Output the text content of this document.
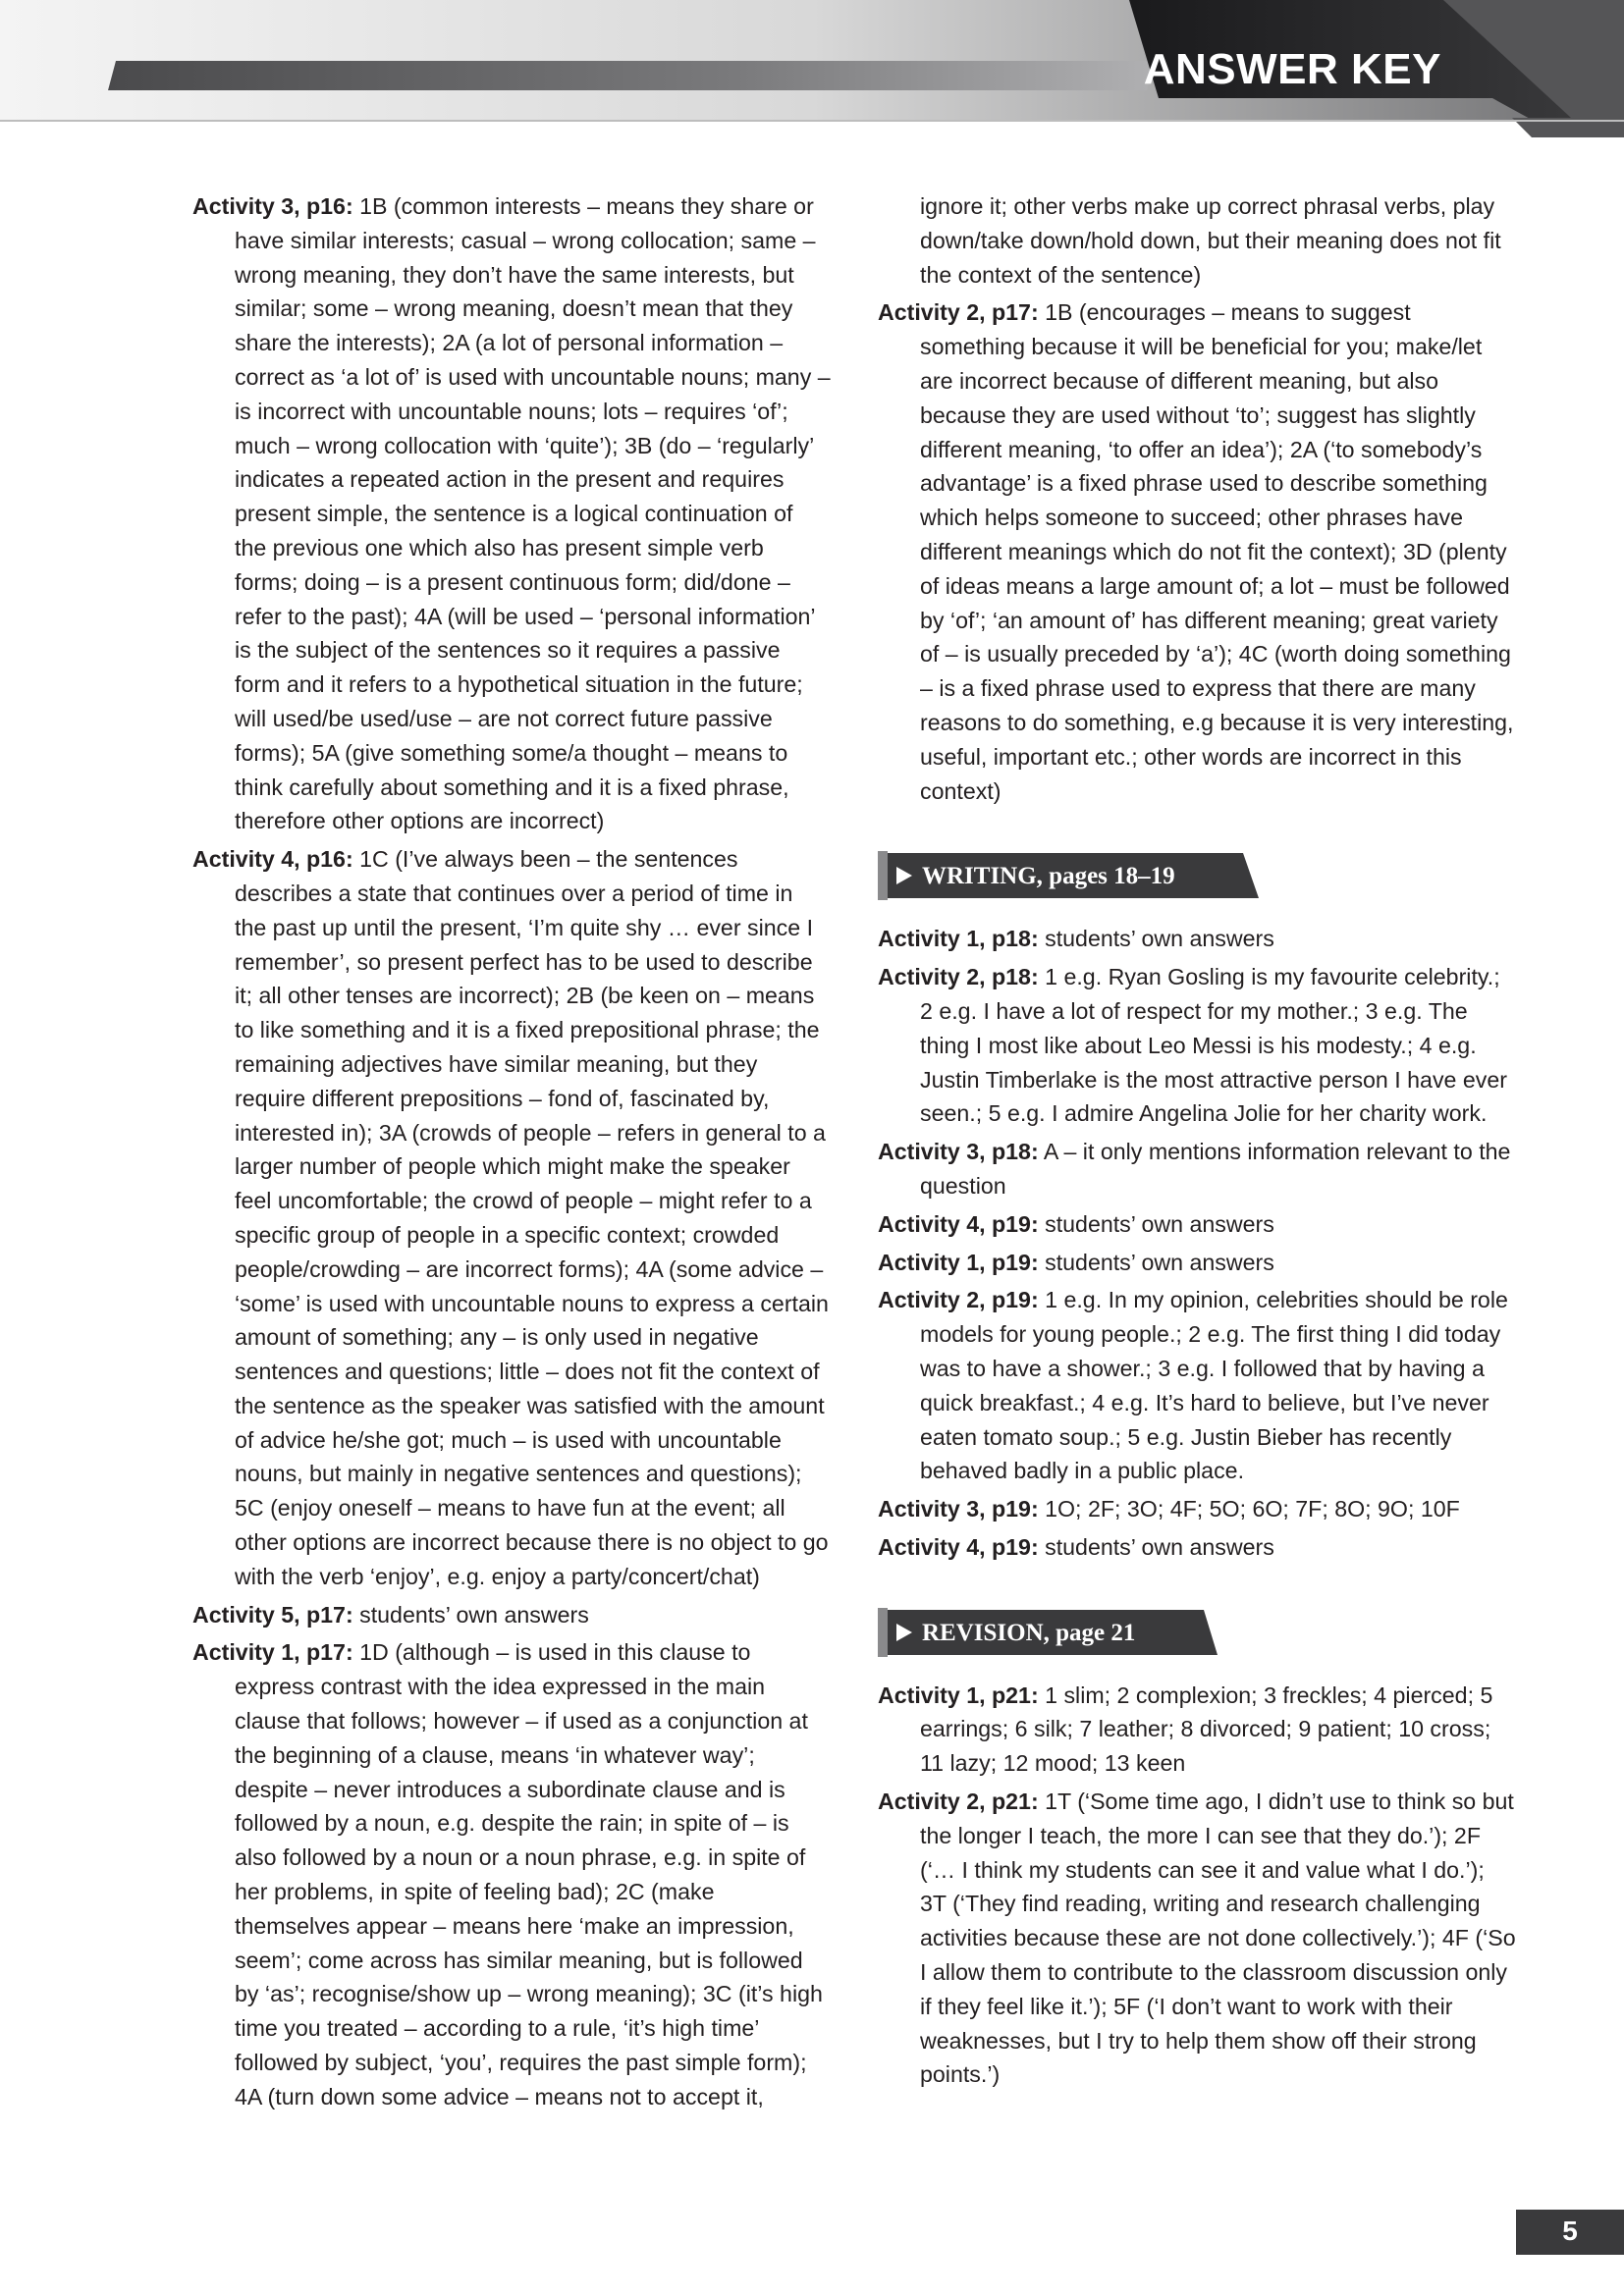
ANSWER KEY

Activity 3, p16: 1B (common interests – means they share or have similar interests; casual – wrong collocation; same – wrong meaning, they don’t have the same interests, but similar; some – wrong meaning, doesn’t mean that they share the interests); 2A (a lot of personal information – correct as ‘a lot of’ is used with uncountable nouns; many – is incorrect with uncountable nouns; lots – requires ‘of’; much – wrong collocation with ‘quite’); 3B (do – ‘regularly’ indicates a repeated action in the present and requires present simple, the sentence is a logical continuation of the previous one which also has present simple verb forms; doing – is a present continuous form; did/done – refer to the past); 4A (will be used – ‘personal information’ is the subject of the sentences so it requires a passive form and it refers to a hypothetical situation in the future; will used/be used/use – are not correct future passive forms); 5A (give something some/a thought – means to think carefully about something and it is a fixed phrase, therefore other options are incorrect)

Activity 4, p16: 1C (I’ve always been – the sentences describes a state that continues over a period of time in the past up until the present, ‘I’m quite shy … ever since I remember’, so present perfect has to be used to describe it; all other tenses are incorrect); 2B (be keen on – means to like something and it is a fixed prepositional phrase; the remaining adjectives have similar meaning, but they require different prepositions – fond of, fascinated by, interested in); 3A (crowds of people – refers in general to a larger number of people which might make the speaker feel uncomfortable; the crowd of people – might refer to a specific group of people in a specific context; crowded people/crowding – are incorrect forms); 4A (some advice – ‘some’ is used with uncountable nouns to express a certain amount of something; any – is only used in negative sentences and questions; little – does not fit the context of the sentence as the speaker was satisfied with the amount of advice he/she got; much – is used with uncountable nouns, but mainly in negative sentences and questions); 5C (enjoy oneself – means to have fun at the event; all other options are incorrect because there is no object to go with the verb ‘enjoy’, e.g. enjoy a party/concert/chat)

Activity 5, p17: students’ own answers

Activity 1, p17: 1D (although – is used in this clause to express contrast with the idea expressed in the main clause that follows; however – if used as a conjunction at the beginning of a clause, means ‘in whatever way’; despite – never introduces a subordinate clause and is followed by a noun, e.g. despite the rain; in spite of – is also followed by a noun or a noun phrase, e.g. in spite of her problems, in spite of feeling bad); 2C (make themselves appear – means here ‘make an impression, seem’; come across has similar meaning, but is followed by ‘as’; recognise/show up – wrong meaning); 3C (it’s high time you treated – according to a rule, ‘it’s high time’ followed by subject, ‘you’, requires the past simple form); 4A (turn down some advice – means not to accept it,

ignore it; other verbs make up correct phrasal verbs, play down/take down/hold down, but their meaning does not fit the context of the sentence)

Activity 2, p17: 1B (encourages – means to suggest something because it will be beneficial for you; make/let are incorrect because of different meaning, but also because they are used without ‘to’; suggest has slightly different meaning, ‘to offer an idea’); 2A (‘to somebody’s advantage’ is a fixed phrase used to describe something which helps someone to succeed; other phrases have different meanings which do not fit the context); 3D (plenty of ideas means a large amount of; a lot – must be followed by ‘of’; ‘an amount of’ has different meaning; great variety of – is usually preceded by ‘a’); 4C (worth doing something – is a fixed phrase used to express that there are many reasons to do something, e.g because it is very interesting, useful, important etc.; other words are incorrect in this context)

WRITING, pages 18–19

Activity 1, p18: students’ own answers

Activity 2, p18: 1 e.g. Ryan Gosling is my favourite celebrity.; 2 e.g. I have a lot of respect for my mother.; 3 e.g. The thing I most like about Leo Messi is his modesty.; 4 e.g. Justin Timberlake is the most attractive person I have ever seen.; 5 e.g. I admire Angelina Jolie for her charity work.

Activity 3, p18: A – it only mentions information relevant to the question

Activity 4, p19: students’ own answers

Activity 1, p19: students’ own answers

Activity 2, p19: 1 e.g. In my opinion, celebrities should be role models for young people.; 2 e.g. The first thing I did today was to have a shower.; 3 e.g. I followed that by having a quick breakfast.; 4 e.g. It’s hard to believe, but I’ve never eaten tomato soup.; 5 e.g. Justin Bieber has recently behaved badly in a public place.

Activity 3, p19: 1O; 2F; 3O; 4F; 5O; 6O; 7F; 8O; 9O; 10F

Activity 4, p19: students’ own answers

REVISION, page 21

Activity 1, p21: 1 slim; 2 complexion; 3 freckles; 4 pierced; 5 earrings; 6 silk; 7 leather; 8 divorced; 9 patient; 10 cross; 11 lazy; 12 mood; 13 keen

Activity 2, p21: 1T (‘Some time ago, I didn’t use to think so but the longer I teach, the more I can see that they do.’); 2F (‘… I think my students can see it and value what I do.’); 3T (‘They find reading, writing and research challenging activities because these are not done collectively.’); 4F (‘So I allow them to contribute to the classroom discussion only if they feel like it.’); 5F (‘I don’t want to work with their weaknesses, but I try to help them show off their strong points.’)

5
